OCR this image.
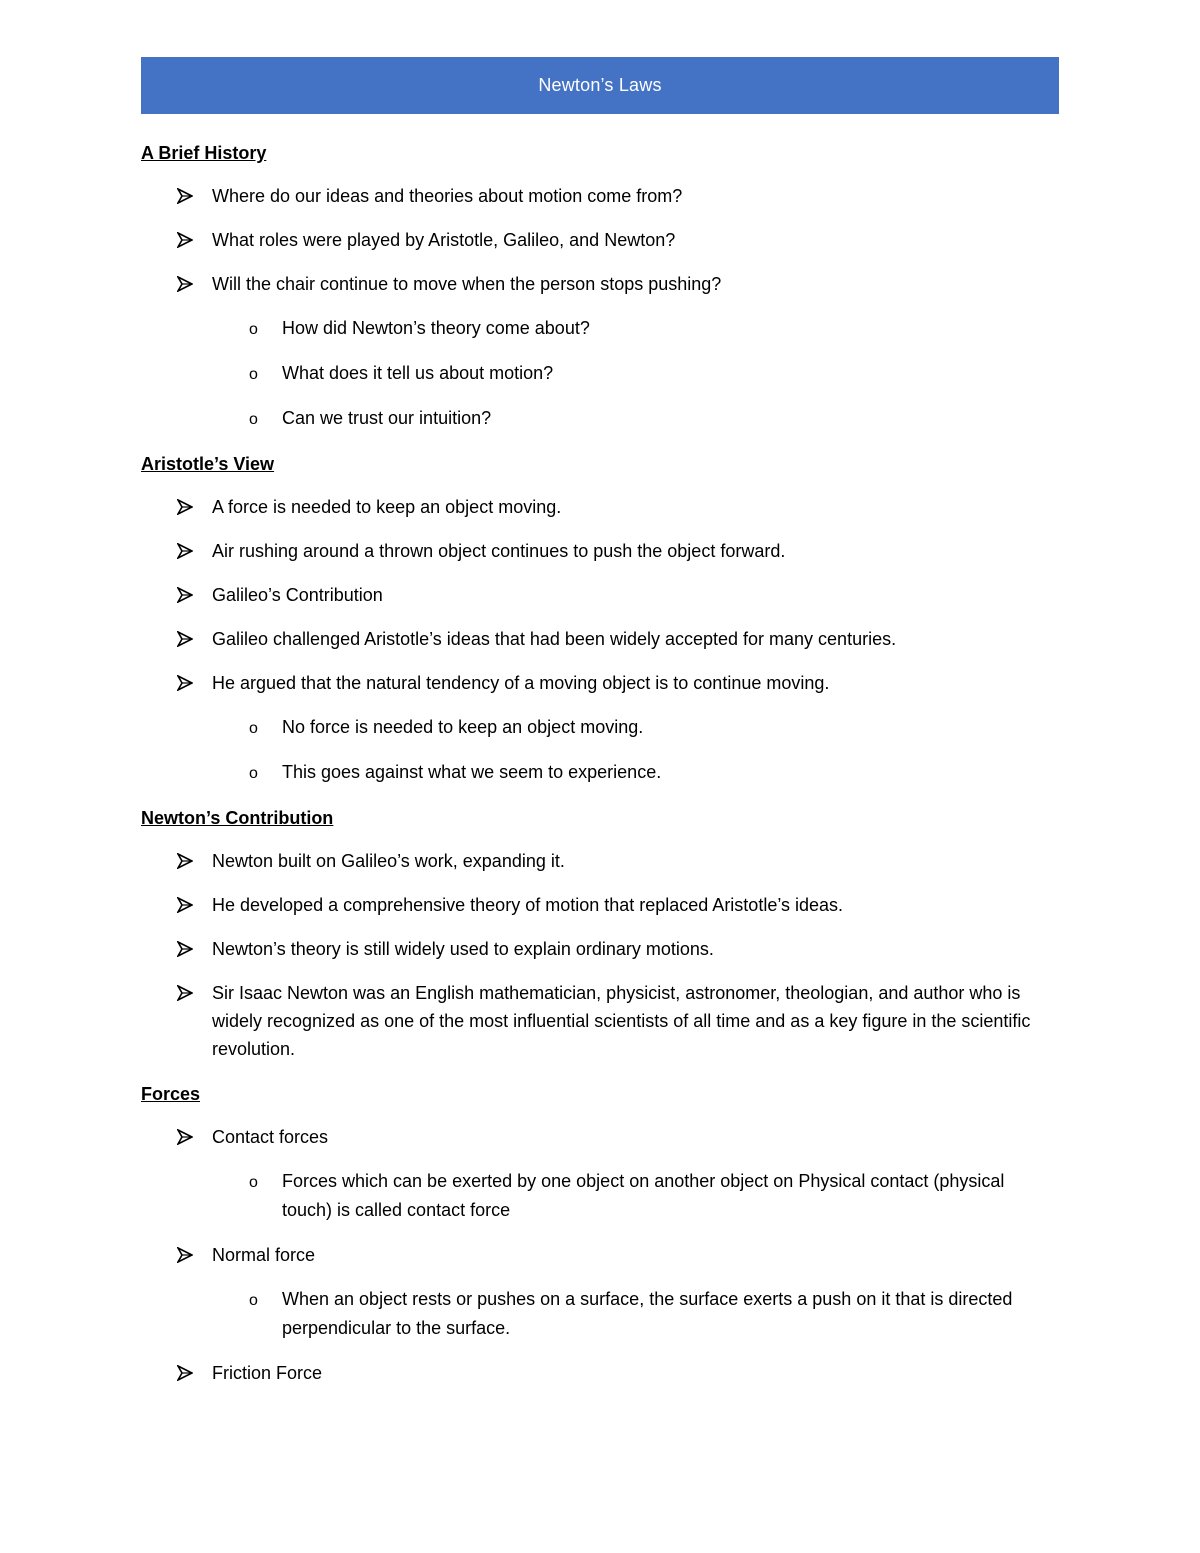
Newton’s Laws
A Brief History
Where do our ideas and theories about motion come from?
What roles were played by Aristotle, Galileo, and Newton?
Will the chair continue to move when the person stops pushing?
o How did Newton’s theory come about?
o What does it tell us about motion?
o Can we trust our intuition?
Aristotle’s View
A force is needed to keep an object moving.
Air rushing around a thrown object continues to push the object forward.
Galileo’s Contribution
Galileo challenged Aristotle’s ideas that had been widely accepted for many centuries.
He argued that the natural tendency of a moving object is to continue moving.
o No force is needed to keep an object moving.
o This goes against what we seem to experience.
Newton’s Contribution
Newton built on Galileo’s work, expanding it.
He developed a comprehensive theory of motion that replaced Aristotle’s ideas.
Newton’s theory is still widely used to explain ordinary motions.
Sir Isaac Newton was an English mathematician, physicist, astronomer, theologian, and author who is widely recognized as one of the most influential scientists of all time and as a key figure in the scientific revolution.
Forces
Contact forces
o Forces which can be exerted by one object on another object on Physical contact (physical touch) is called contact force
Normal force
o When an object rests or pushes on a surface, the surface exerts a push on it that is directed perpendicular to the surface.
Friction Force
